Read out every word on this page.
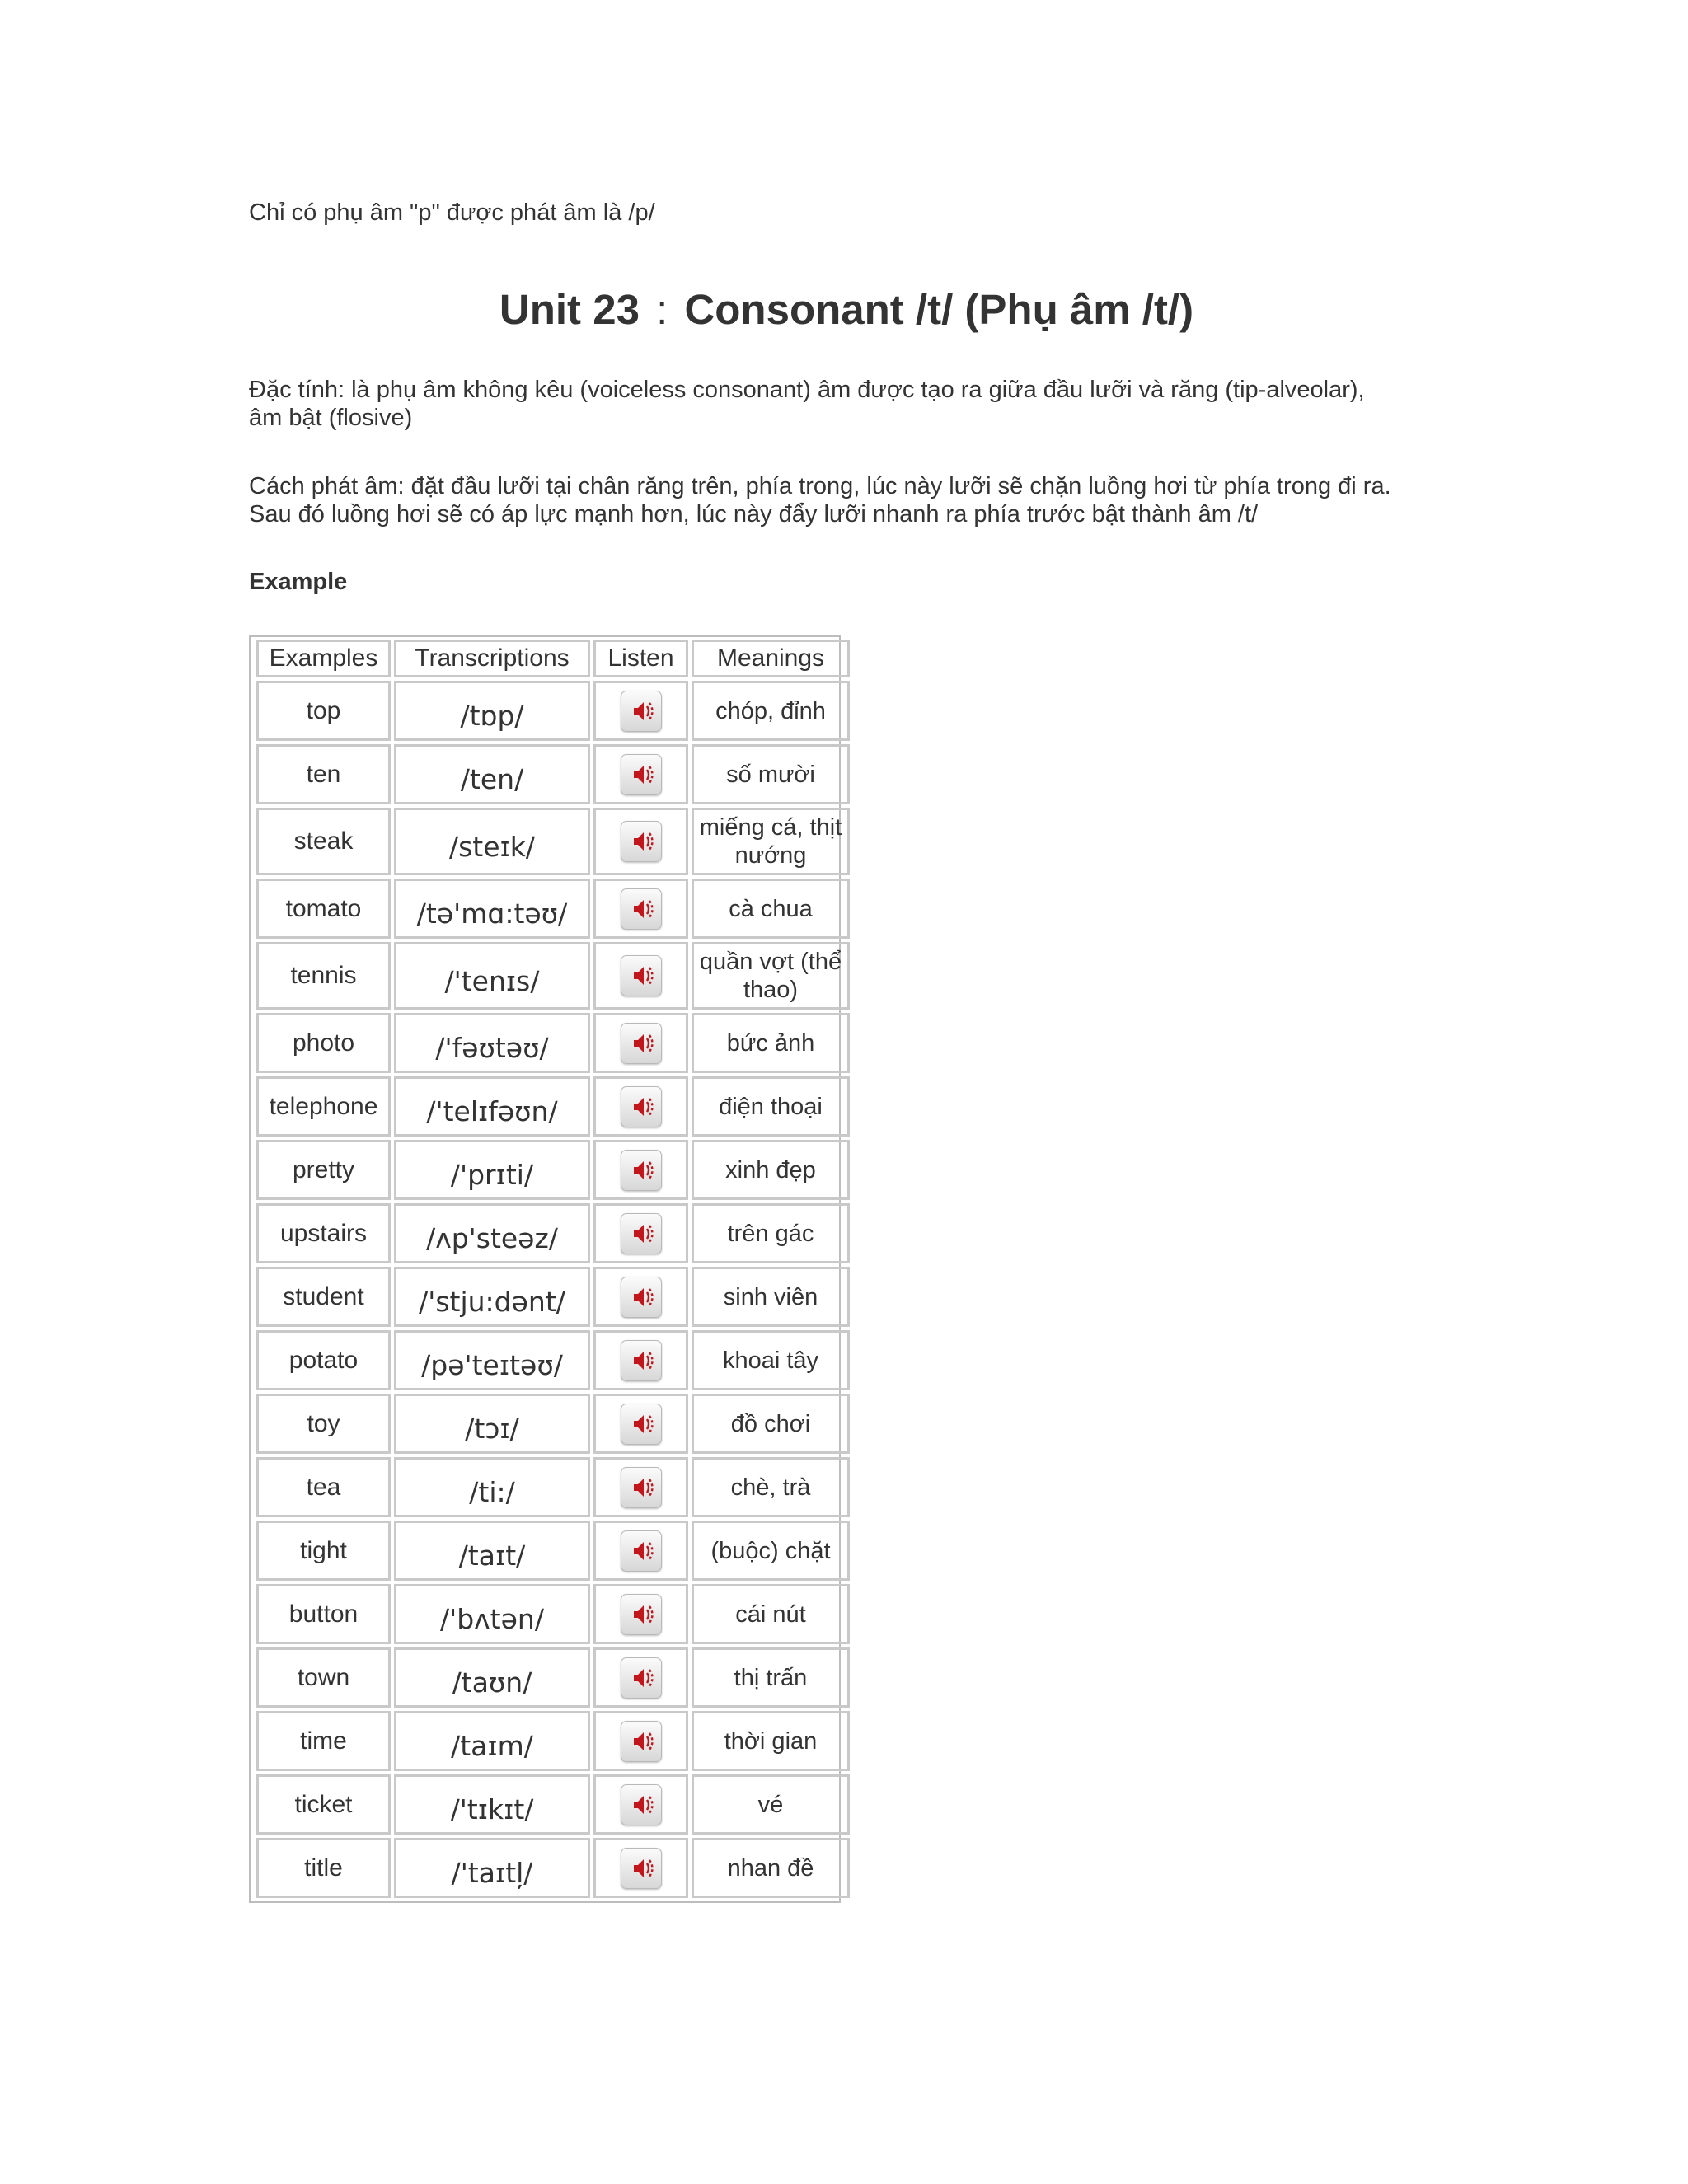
Chỉ có phụ âm "p" được phát âm là /p/
Unit 23 : Consonant /t/ (Phụ âm /t/)
Đặc tính: là phụ âm không kêu (voiceless consonant) âm được tạo ra giữa đầu lưỡi và răng (tip-alveolar),
âm bật (flosive)
Cách phát âm: đặt đầu lưỡi tại chân răng trên, phía trong, lúc này lưỡi sẽ chặn luồng hơi từ phía trong đi ra.
Sau đó luồng hơi sẽ có áp lực mạnh hơn, lúc này đẩy lưỡi nhanh ra phía trước bật thành âm /t/
Example
Examples	Transcriptions	Listen	Meanings
top	/tɒp/		chóp, đỉnh
ten	/ten/		số mười
steak	/steɪk/		miếng cá, thịt nướng
tomato	/tə'mɑ:təʊ/		cà chua
tennis	/'tenɪs/		quần vợt (thể thao)
photo	/'fəʊtəʊ/		bức ảnh
telephone	/'telɪfəʊn/		điện thoại
pretty	/'prɪti/		xinh đẹp
upstairs	/ʌp'steəz/		trên gác
student	/'stju:dənt/		sinh viên
potato	/pə'teɪtəʊ/		khoai tây
toy	/tɔɪ/		đồ chơi
tea	/ti:/		chè, trà
tight	/taɪt/		(buộc) chặt
button	/'bʌtən/		cái nút
town	/taʊn/		thị trấn
time	/taɪm/		thời gian
ticket	/'tɪkɪt/		vé
title	/'taɪtļ/		nhan đề
